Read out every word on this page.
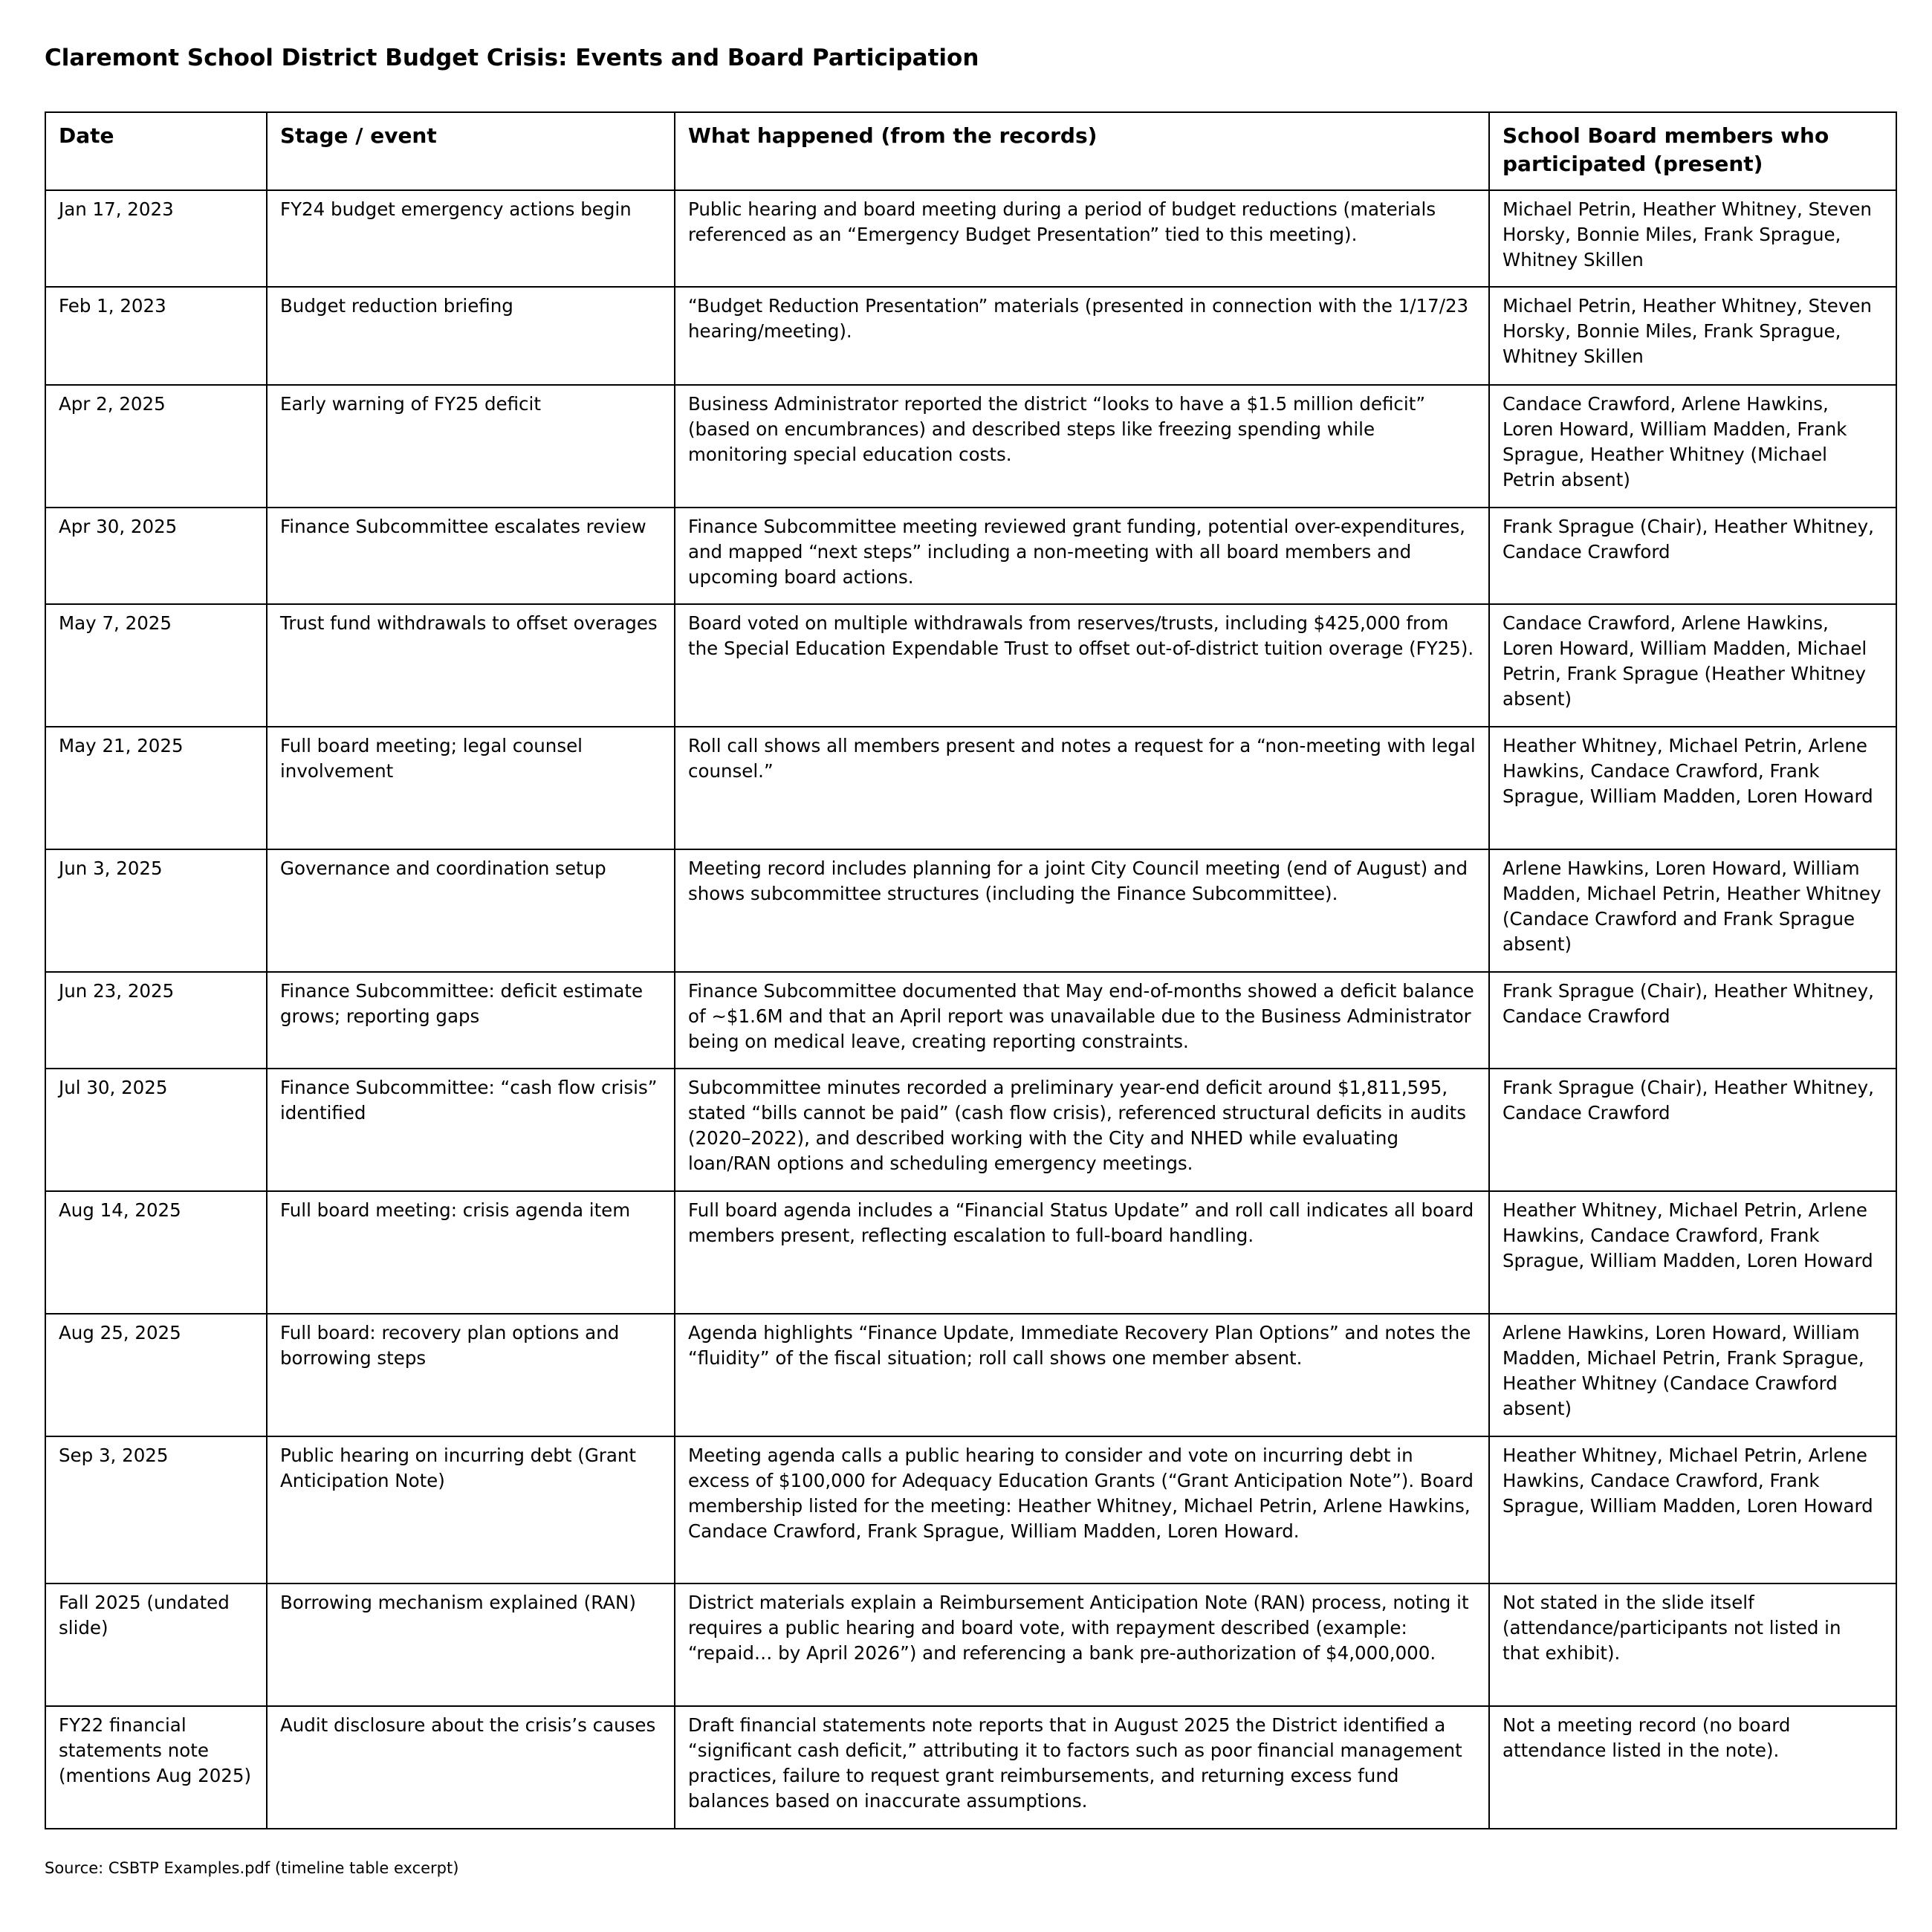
Claremont School District Budget Crisis: Events and Board Participation
Date	Stage / event	What happened (from the records)	School Board members who participated (present)
Jan 17, 2023	FY24 budget emergency actions begin	Public hearing and board meeting during a period of budget reductions (materials referenced as an “Emergency Budget Presentation” tied to this meeting).	Michael Petrin, Heather Whitney, Steven Horsky, Bonnie Miles, Frank Sprague, Whitney Skillen
Feb 1, 2023	Budget reduction briefing	“Budget Reduction Presentation” materials (presented in connection with the 1/17/23 hearing/meeting).	Michael Petrin, Heather Whitney, Steven Horsky, Bonnie Miles, Frank Sprague, Whitney Skillen
Apr 2, 2025	Early warning of FY25 deficit	Business Administrator reported the district “looks to have a $1.5 million deficit” (based on encumbrances) and described steps like freezing spending while monitoring special education costs.	Candace Crawford, Arlene Hawkins, Loren Howard, William Madden, Frank Sprague, Heather Whitney (Michael Petrin absent)
Apr 30, 2025	Finance Subcommittee escalates review	Finance Subcommittee meeting reviewed grant funding, potential over-expenditures, and mapped “next steps” including a non-meeting with all board members and upcoming board actions.	Frank Sprague (Chair), Heather Whitney, Candace Crawford
May 7, 2025	Trust fund withdrawals to offset overages	Board voted on multiple withdrawals from reserves/trusts, including $425,000 from the Special Education Expendable Trust to offset out-of-district tuition overage (FY25).	Candace Crawford, Arlene Hawkins, Loren Howard, William Madden, Michael Petrin, Frank Sprague (Heather Whitney absent)
May 21, 2025	Full board meeting; legal counsel involvement	Roll call shows all members present and notes a request for a “non-meeting with legal counsel.”	Heather Whitney, Michael Petrin, Arlene Hawkins, Candace Crawford, Frank Sprague, William Madden, Loren Howard
Jun 3, 2025	Governance and coordination setup	Meeting record includes planning for a joint City Council meeting (end of August) and shows subcommittee structures (including the Finance Subcommittee).	Arlene Hawkins, Loren Howard, William Madden, Michael Petrin, Heather Whitney (Candace Crawford and Frank Sprague absent)
Jun 23, 2025	Finance Subcommittee: deficit estimate grows; reporting gaps	Finance Subcommittee documented that May end-of-months showed a deficit balance of ~$1.6M and that an April report was unavailable due to the Business Administrator being on medical leave, creating reporting constraints.	Frank Sprague (Chair), Heather Whitney, Candace Crawford
Jul 30, 2025	Finance Subcommittee: “cash flow crisis” identified	Subcommittee minutes recorded a preliminary year-end deficit around $1,811,595, stated “bills cannot be paid” (cash flow crisis), referenced structural deficits in audits (2020–2022), and described working with the City and NHED while evaluating loan/RAN options and scheduling emergency meetings.	Frank Sprague (Chair), Heather Whitney, Candace Crawford
Aug 14, 2025	Full board meeting: crisis agenda item	Full board agenda includes a “Financial Status Update” and roll call indicates all board members present, reflecting escalation to full-board handling.	Heather Whitney, Michael Petrin, Arlene Hawkins, Candace Crawford, Frank Sprague, William Madden, Loren Howard
Aug 25, 2025	Full board: recovery plan options and borrowing steps	Agenda highlights “Finance Update, Immediate Recovery Plan Options” and notes the “fluidity” of the fiscal situation; roll call shows one member absent.	Arlene Hawkins, Loren Howard, William Madden, Michael Petrin, Frank Sprague, Heather Whitney (Candace Crawford absent)
Sep 3, 2025	Public hearing on incurring debt (Grant Anticipation Note)	Meeting agenda calls a public hearing to consider and vote on incurring debt in excess of $100,000 for Adequacy Education Grants (“Grant Anticipation Note”). Board membership listed for the meeting: Heather Whitney, Michael Petrin, Arlene Hawkins, Candace Crawford, Frank Sprague, William Madden, Loren Howard.	Heather Whitney, Michael Petrin, Arlene Hawkins, Candace Crawford, Frank Sprague, William Madden, Loren Howard
Fall 2025 (undated slide)	Borrowing mechanism explained (RAN)	District materials explain a Reimbursement Anticipation Note (RAN) process, noting it requires a public hearing and board vote, with repayment described (example: “repaid… by April 2026”) and referencing a bank pre-authorization of $4,000,000.	Not stated in the slide itself (attendance/participants not listed in that exhibit).
FY22 financial statements note (mentions Aug 2025)	Audit disclosure about the crisis’s causes	Draft financial statements note reports that in August 2025 the District identified a “significant cash deficit,” attributing it to factors such as poor financial management practices, failure to request grant reimbursements, and returning excess fund balances based on inaccurate assumptions.	Not a meeting record (no board attendance listed in the note).
Source: CSBTP Examples.pdf (timeline table excerpt)
